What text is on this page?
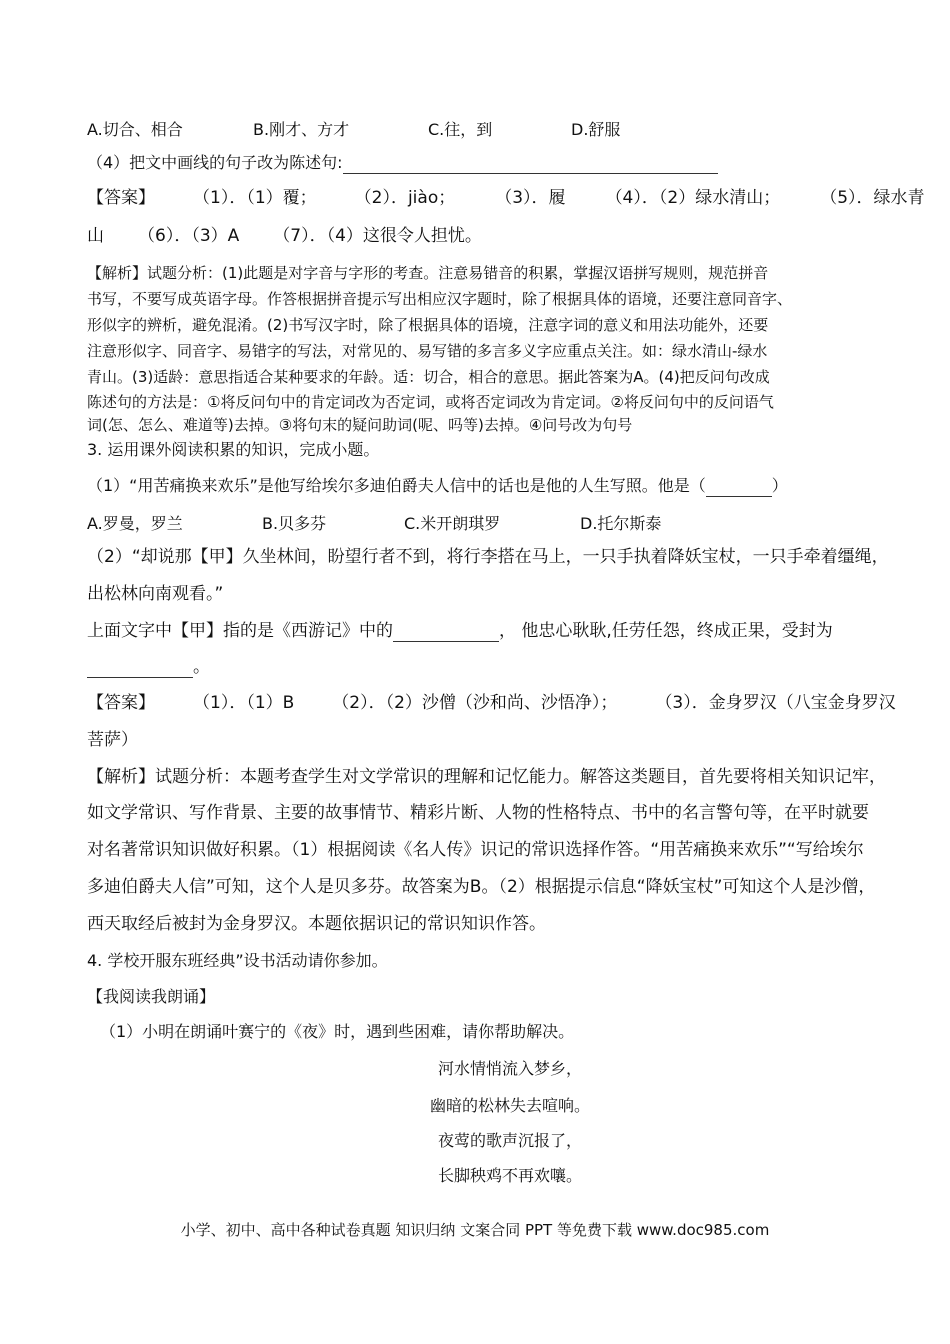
A.切合、相合	B.刚才、方才	C.往，到	D.舒服
（4）把文中画线的句子改为陈述句:
【答案】 （1）．（1）覆； （2）．jiào； （3）．履 （4）．（2）绿水清山； （5）．绿水青
山 （6）．（3）A （7）．（4）这很令人担忧。
【解析】试题分析：(1)此题是对字音与字形的考查。注意易错音的积累，掌握汉语拼写规则，规范拼音
书写，不要写成英语字母。作答根据拼音提示写出相应汉字题时，除了根据具体的语境，还要注意同音字、
形似字的辨析，避免混淆。(2)书写汉字时，除了根据具体的语境，注意字词的意义和用法功能外，还要
注意形似字、同音字、易错字的写法，对常见的、易写错的多言多义字应重点关注。如：绿水清山-绿水
青山。(3)适龄：意思指适合某种要求的年龄。适：切合，相合的意思。据此答案为A。(4)把反问句改成
陈述句的方法是：①将反问句中的肯定词改为否定词，或将否定词改为肯定词。②将反问句中的反问语气
词(怎、怎么、难道等)去掉。③将句末的疑问助词(呢、吗等)去掉。④问号改为句号
3. 运用课外阅读积累的知识，完成小题。
（1）“用苦痛换来欢乐”是他写给埃尔多迪伯爵夫人信中的话也是他的人生写照。他是（	）
A.罗曼，罗兰	B.贝多芬	C.米开朗琪罗	D.托尔斯泰
（2）“却说那【甲】久坐林间，盼望行者不到，将行李搭在马上，一只手执着降妖宝杖，一只手牵着缰绳，
出松林向南观看。”
上面文字中【甲】指的是《西游记》中的	， 他忠心耿耿,任劳任怨，终成正果，受封为
。
【答案】 （1）．（1）B （2）．（2）沙僧（沙和尚、沙悟净）； （3）．金身罗汉（八宝金身罗汉
菩萨）
【解析】试题分析：本题考查学生对文学常识的理解和记忆能力。解答这类题目，首先要将相关知识记牢，
如文学常识、写作背景、主要的故事情节、精彩片断、人物的性格特点、书中的名言警句等，在平时就要
对名著常识知识做好积累。（1）根据阅读《名人传》识记的常识选择作答。“用苦痛换来欢乐”“写给埃尔
多迪伯爵夫人信”可知，这个人是贝多芬。故答案为B。（2）根据提示信息“降妖宝杖”可知这个人是沙僧，
西天取经后被封为金身罗汉。本题依据识记的常识知识作答。
4. 学校开服东班经典”设书活动请你参加。
【我阅读我朗诵】
（1）小明在朗诵叶赛宁的《夜》时，遇到些困难，请你帮助解决。
河水情悄流入梦乡，
幽暗的松林失去喧响。
夜莺的歌声沉报了，
长脚秧鸡不再欢嚷。
小学、初中、高中各种试卷真题 知识归纳 文案合同 PPT 等免费下载 www.doc985.com
